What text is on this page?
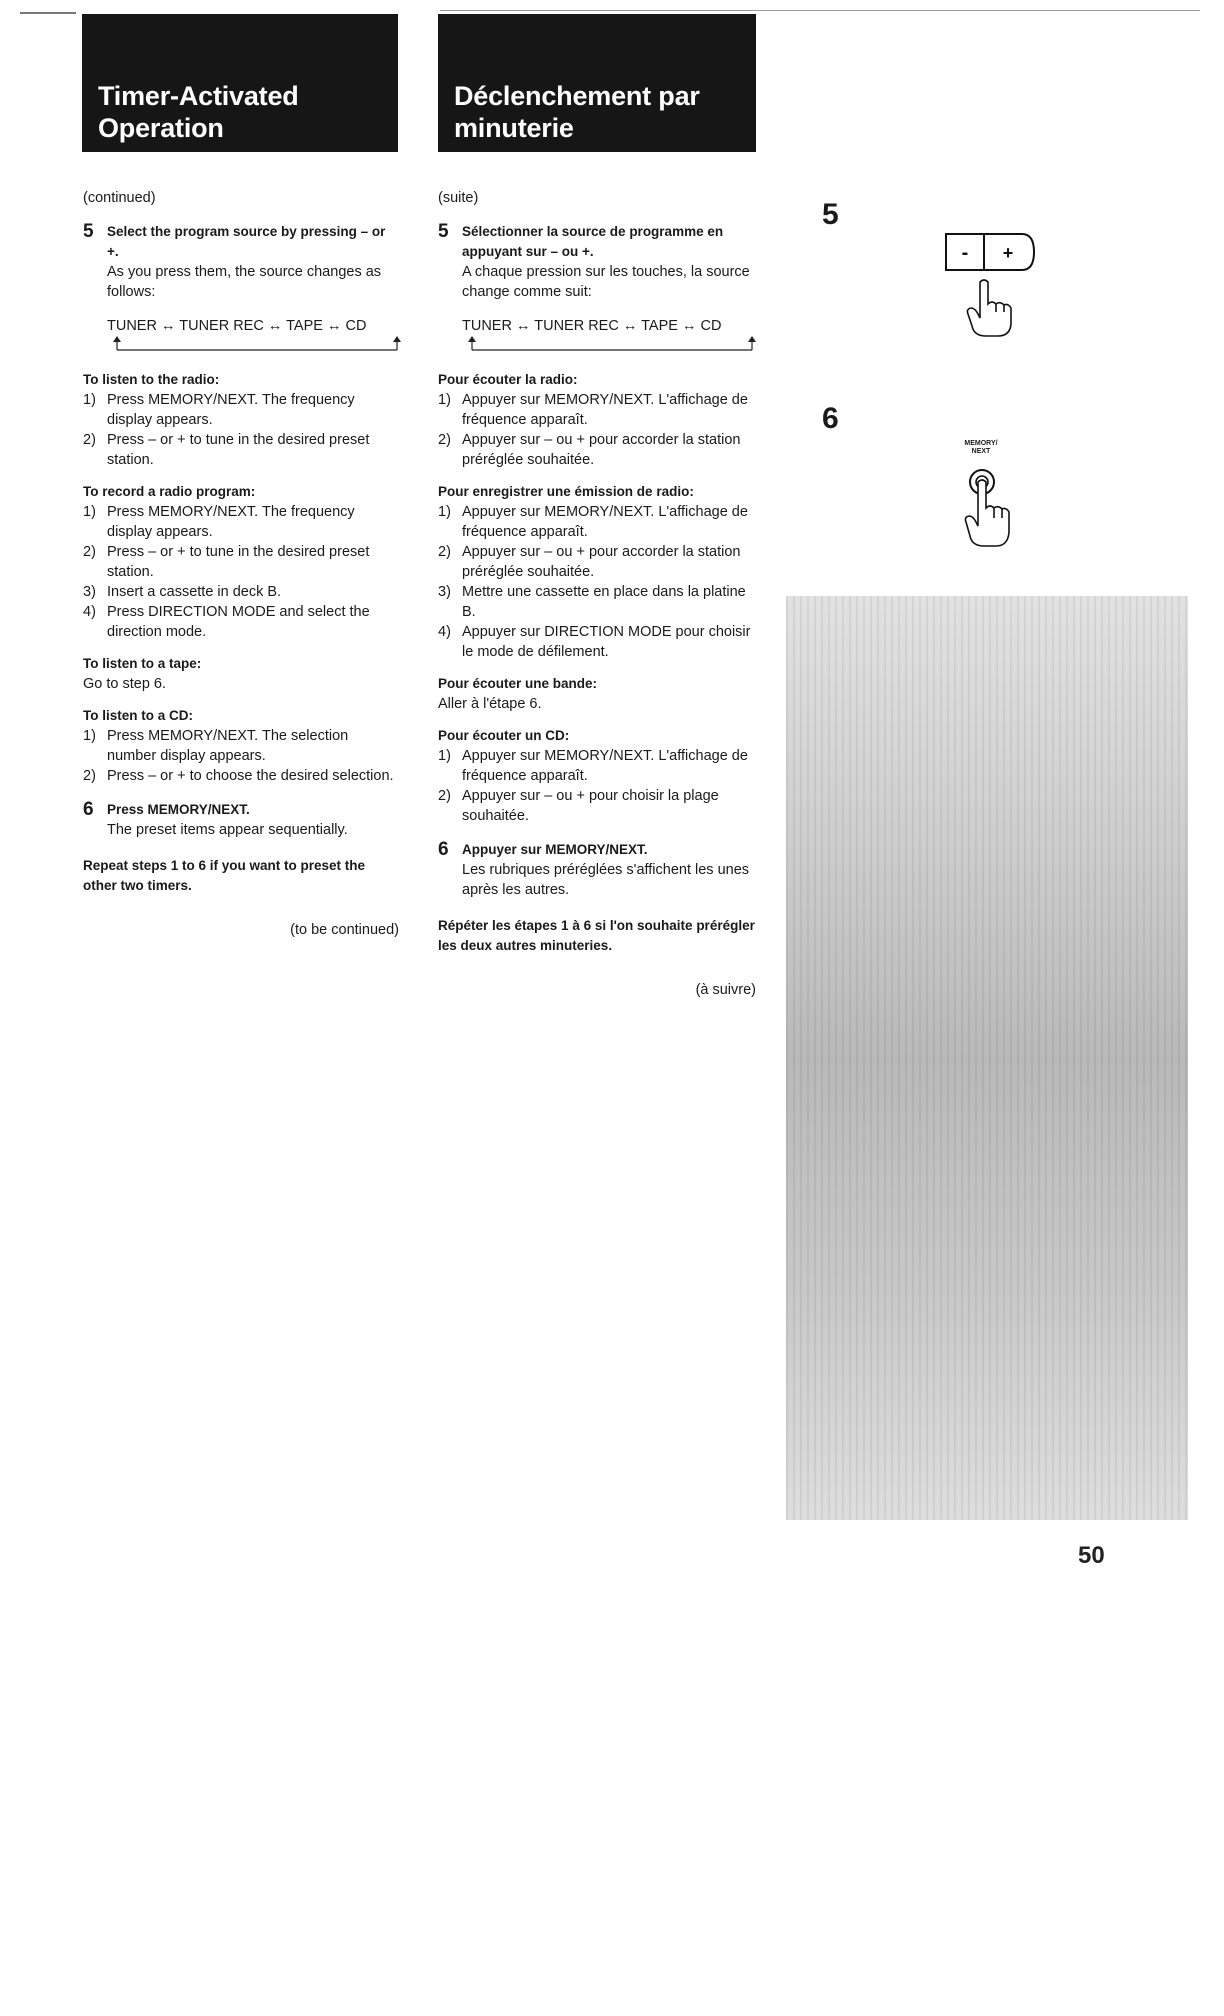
Timer-Activated
Operation
Déclenchement par
minuterie

(continued)

5 Select the program source by pressing – or +.
As you press them, the source changes as follows:
TUNER ↔ TUNER REC ↔ TAPE ↔ CD
To listen to the radio:
1) Press MEMORY/NEXT. The frequency display appears.
2) Press – or + to tune in the desired preset station.
To record a radio program:
1) Press MEMORY/NEXT. The frequency display appears.
2) Press – or + to tune in the desired preset station.
3) Insert a cassette in deck B.
4) Press DIRECTION MODE and select the direction mode.
To listen to a tape:
Go to step 6.
To listen to a CD:
1) Press MEMORY/NEXT. The selection number display appears.
2) Press – or + to choose the desired selection.
6 Press MEMORY/NEXT.
The preset items appear sequentially.

Repeat steps 1 to 6 if you want to preset the other two timers.

(to be continued)

(suite)

5 Sélectionner la source de programme en appuyant sur – ou +.
A chaque pression sur les touches, la source change comme suit:
TUNER ↔ TUNER REC ↔ TAPE ↔ CD
Pour écouter la radio:
1) Appuyer sur MEMORY/NEXT. L'affichage de fréquence apparaît.
2) Appuyer sur – ou + pour accorder la station préréglée souhaitée.
Pour enregistrer une émission de radio:
1) Appuyer sur MEMORY/NEXT. L'affichage de fréquence apparaît.
2) Appuyer sur – ou + pour accorder la station préréglée souhaitée.
3) Mettre une cassette en place dans la platine B.
4) Appuyer sur DIRECTION MODE pour choisir le mode de défilement.
Pour écouter une bande:
Aller à l'étape 6.
Pour écouter un CD:
1) Appuyer sur MEMORY/NEXT. L'affichage de fréquence apparaît.
2) Appuyer sur – ou + pour choisir la plage souhaitée.
6 Appuyer sur MEMORY/NEXT.
Les rubriques préréglées s'affichent les unes après les autres.

Répéter les étapes 1 à 6 si l'on souhaite prérégler les deux autres minuteries.

(à suivre)

5
- +
6
MEMORY/
NEXT
50
